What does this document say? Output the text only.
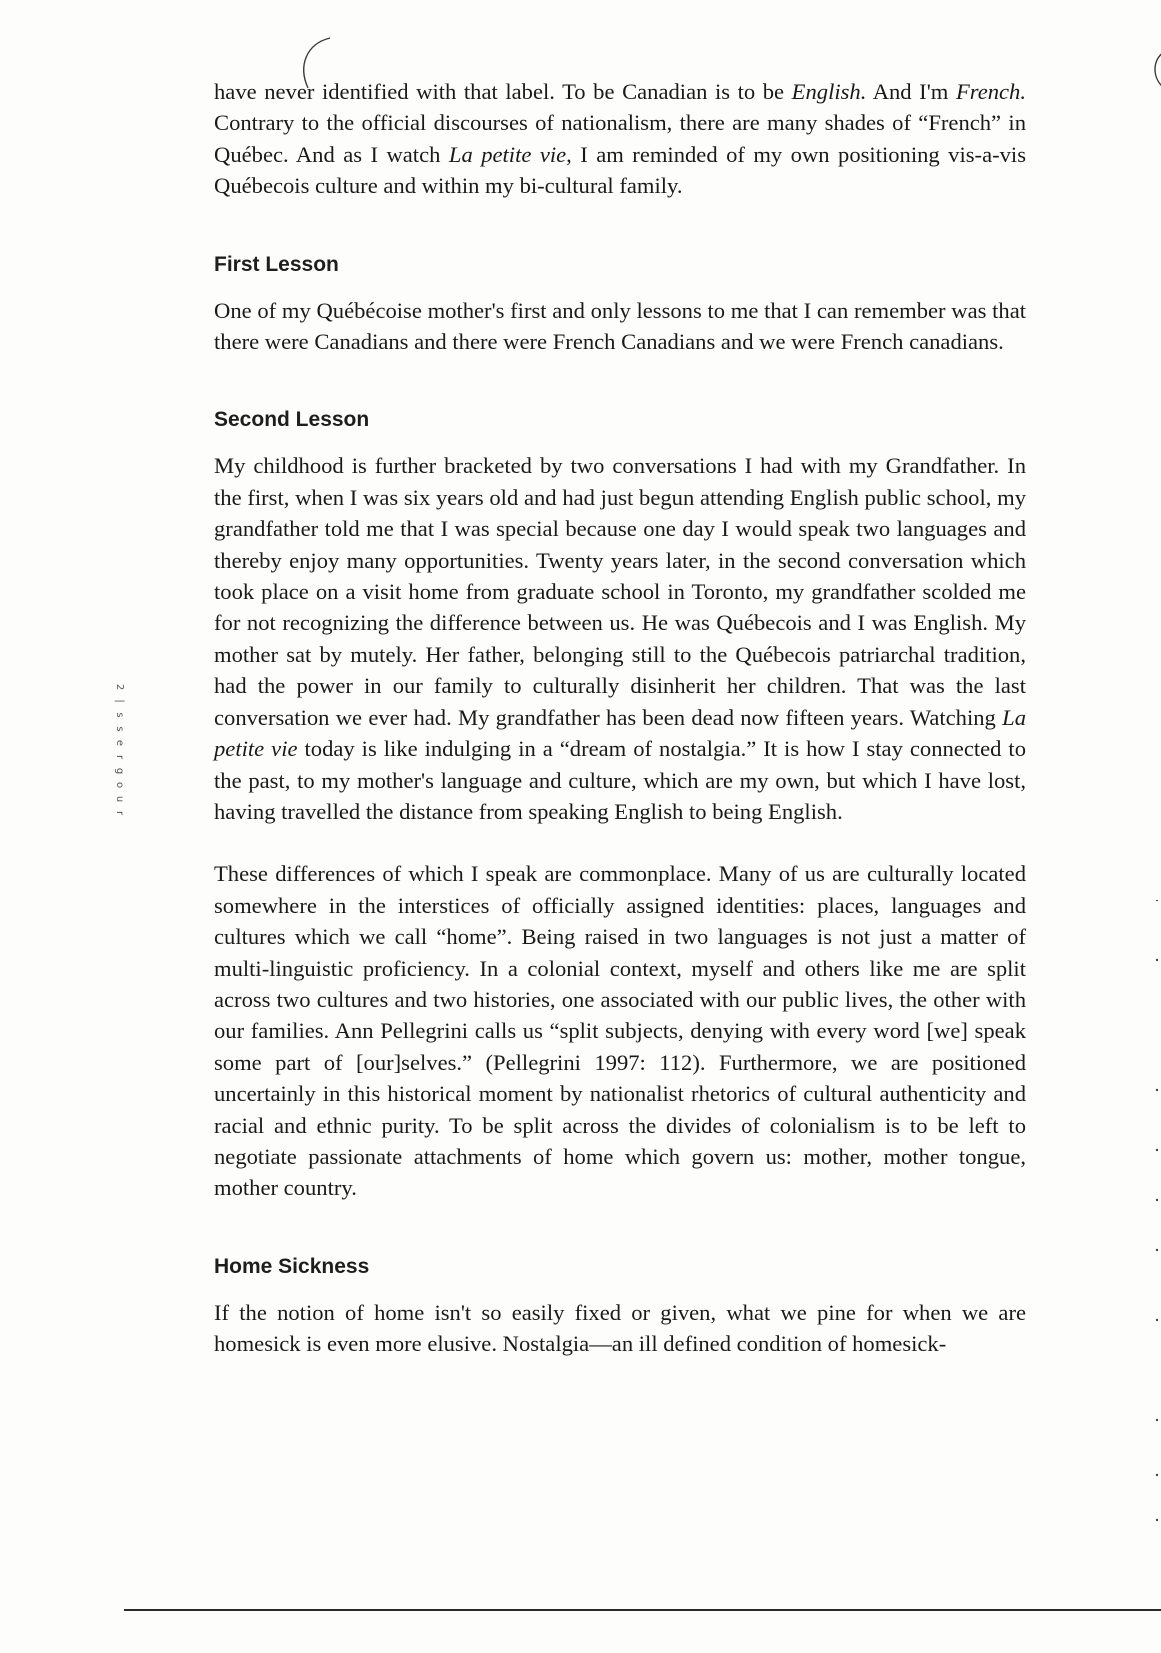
have never identified with that label. To be Canadian is to be English. And I'm French. Contrary to the official discourses of nationalism, there are many shades of “French” in Québec. And as I watch La petite vie, I am reminded of my own positioning vis-a-vis Québecois culture and within my bi-cultural family.

First Lesson

One of my Québécoise mother's first and only lessons to me that I can remember was that there were Canadians and there were French Canadians and we were French canadians.

Second Lesson

My childhood is further bracketed by two conversations I had with my Grandfather. In the first, when I was six years old and had just begun attending English public school, my grandfather told me that I was special because one day I would speak two languages and thereby enjoy many opportunities. Twenty years later, in the second conversation which took place on a visit home from graduate school in Toronto, my grandfather scolded me for not recognizing the difference between us. He was Québecois and I was English. My mother sat by mutely. Her father, belonging still to the Québecois patriarchal tradition, had the power in our family to culturally disinherit her children. That was the last conversation we ever had. My grandfather has been dead now fifteen years. Watching La petite vie today is like indulging in a “dream of nostalgia.” It is how I stay connected to the past, to my mother's language and culture, which are my own, but which I have lost, having travelled the distance from speaking English to being English.

These differences of which I speak are commonplace. Many of us are culturally located somewhere in the interstices of officially assigned identities: places, languages and cultures which we call “home”. Being raised in two languages is not just a matter of multi-linguistic proficiency. In a colonial context, myself and others like me are split across two cultures and two histories, one associated with our public lives, the other with our families. Ann Pellegrini calls us “split subjects, denying with every word [we] speak some part of [our]selves.” (Pellegrini 1997: 112). Furthermore, we are positioned uncertainly in this historical moment by nationalist rhetorics of cultural authenticity and racial and ethnic purity. To be split across the divides of colonialism is to be left to negotiate passionate attachments of home which govern us: mother, mother tongue, mother country.

Home Sickness

If the notion of home isn't so easily fixed or given, what we pine for when we are homesick is even more elusive. Nostalgia—an ill defined condition of homesick-

2
|
s
s
e
r
g
o
u
r
